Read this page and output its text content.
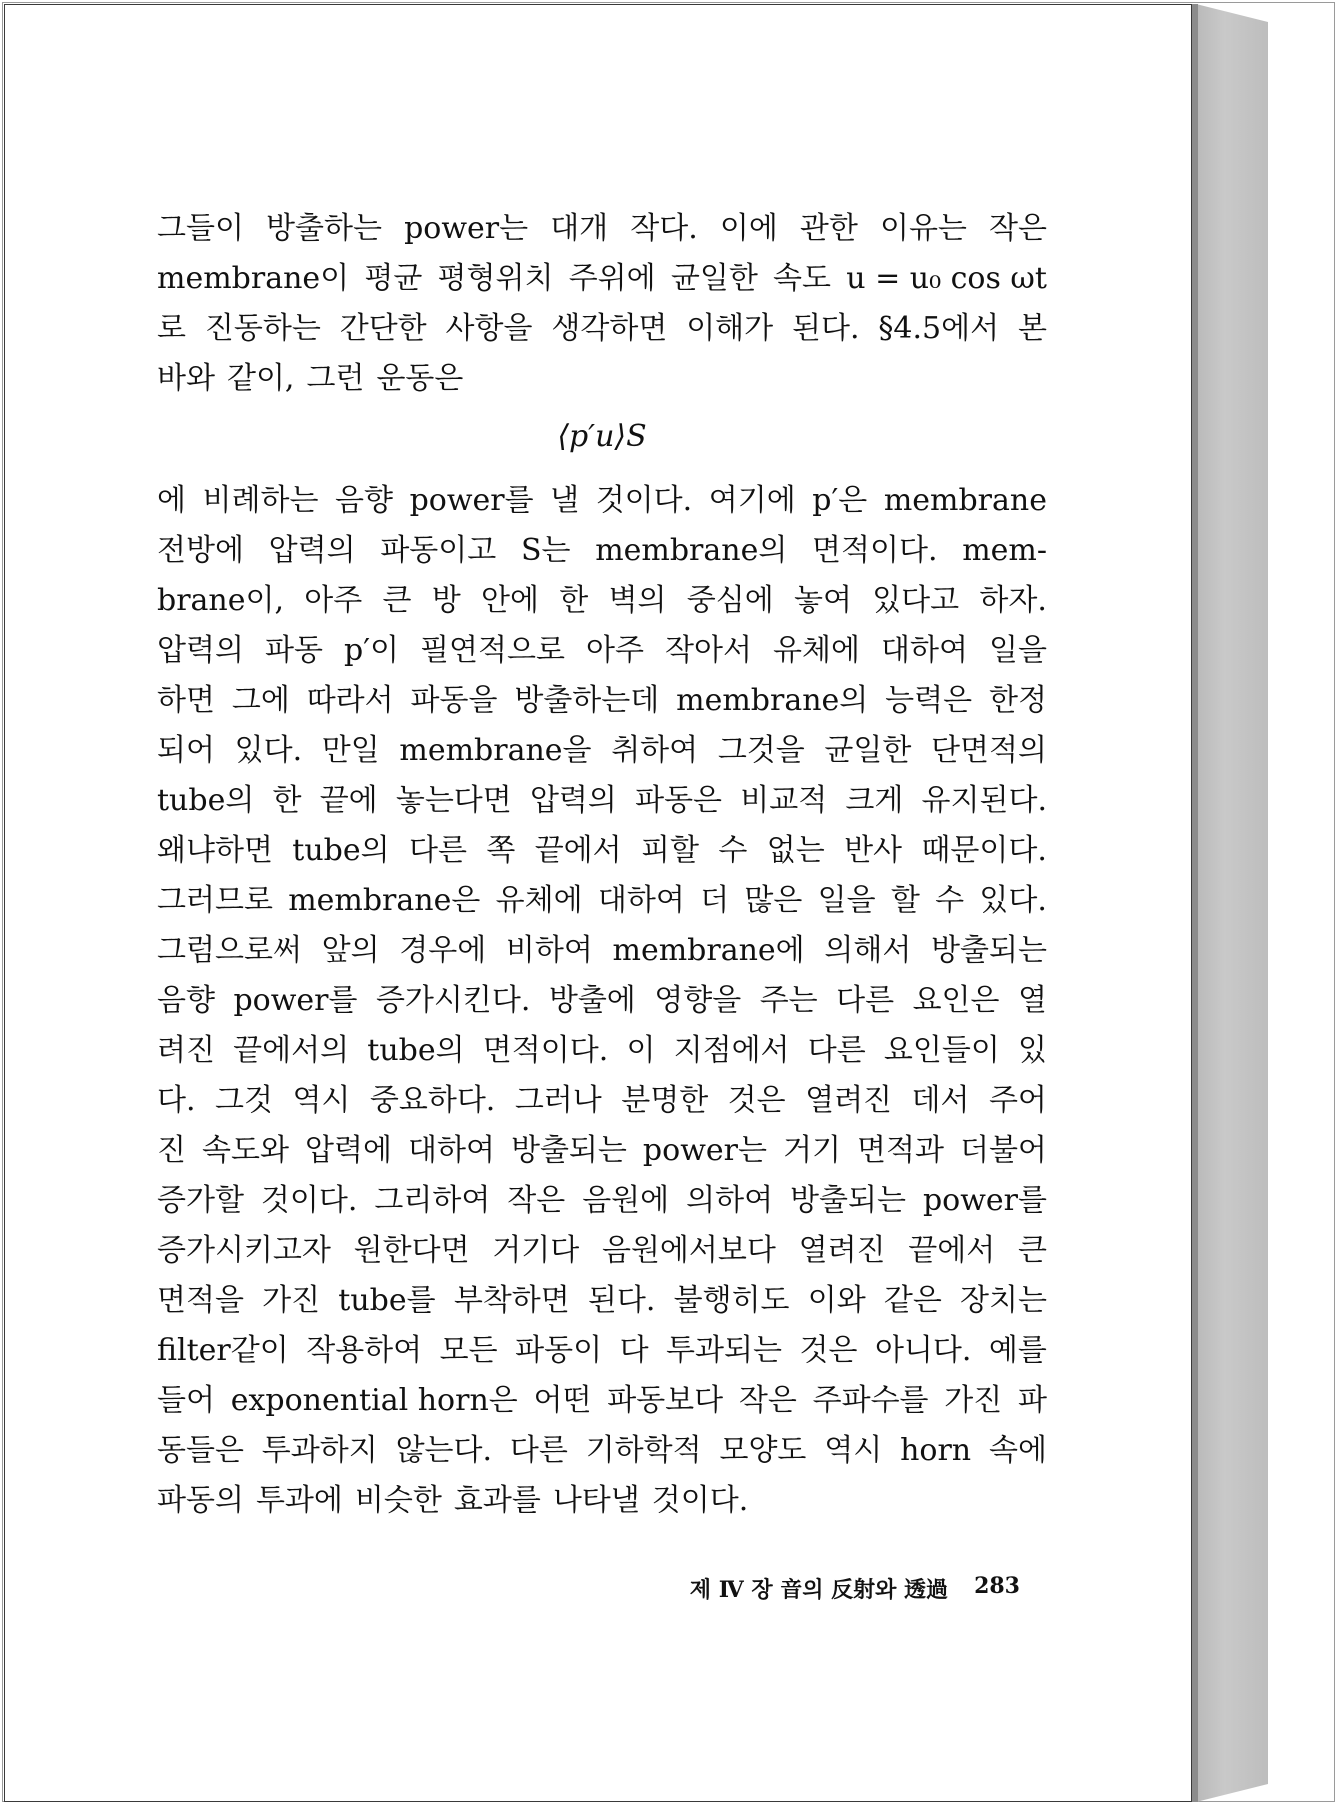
그들이 방출하는 power는 대개 작다. 이에 관한 이유는 작은
membrane이 평균 평형위치 주위에 균일한 속도 u = u₀ cos ωt
로 진동하는 간단한 사항을 생각하면 이해가 된다. §4.5에서 본
바와 같이, 그런 운동은
⟨p′u⟩S
에 비례하는 음향 power를 낼 것이다. 여기에 p′은 membrane
전방에 압력의 파동이고 S는 membrane의 면적이다. mem-
brane이, 아주 큰 방 안에 한 벽의 중심에 놓여 있다고 하자.
압력의 파동 p′이 필연적으로 아주 작아서 유체에 대하여 일을
하면 그에 따라서 파동을 방출하는데 membrane의 능력은 한정
되어 있다. 만일 membrane을 취하여 그것을 균일한 단면적의
tube의 한 끝에 놓는다면 압력의 파동은 비교적 크게 유지된다.
왜냐하면 tube의 다른 쪽 끝에서 피할 수 없는 반사 때문이다.
그러므로 membrane은 유체에 대하여 더 많은 일을 할 수 있다.
그럼으로써 앞의 경우에 비하여 membrane에 의해서 방출되는
음향 power를 증가시킨다. 방출에 영향을 주는 다른 요인은 열
려진 끝에서의 tube의 면적이다. 이 지점에서 다른 요인들이 있
다. 그것 역시 중요하다. 그러나 분명한 것은 열려진 데서 주어
진 속도와 압력에 대하여 방출되는 power는 거기 면적과 더불어
증가할 것이다. 그리하여 작은 음원에 의하여 방출되는 power를
증가시키고자 원한다면 거기다 음원에서보다 열려진 끝에서 큰
면적을 가진 tube를 부착하면 된다. 불행히도 이와 같은 장치는
filter같이 작용하여 모든 파동이 다 투과되는 것은 아니다. 예를
들어 exponential horn은 어떤 파동보다 작은 주파수를 가진 파
동들은 투과하지 않는다. 다른 기하학적 모양도 역시 horn 속에
파동의 투과에 비슷한 효과를 나타낼 것이다.
제 Ⅳ 장 音의 反射와 透過 283
